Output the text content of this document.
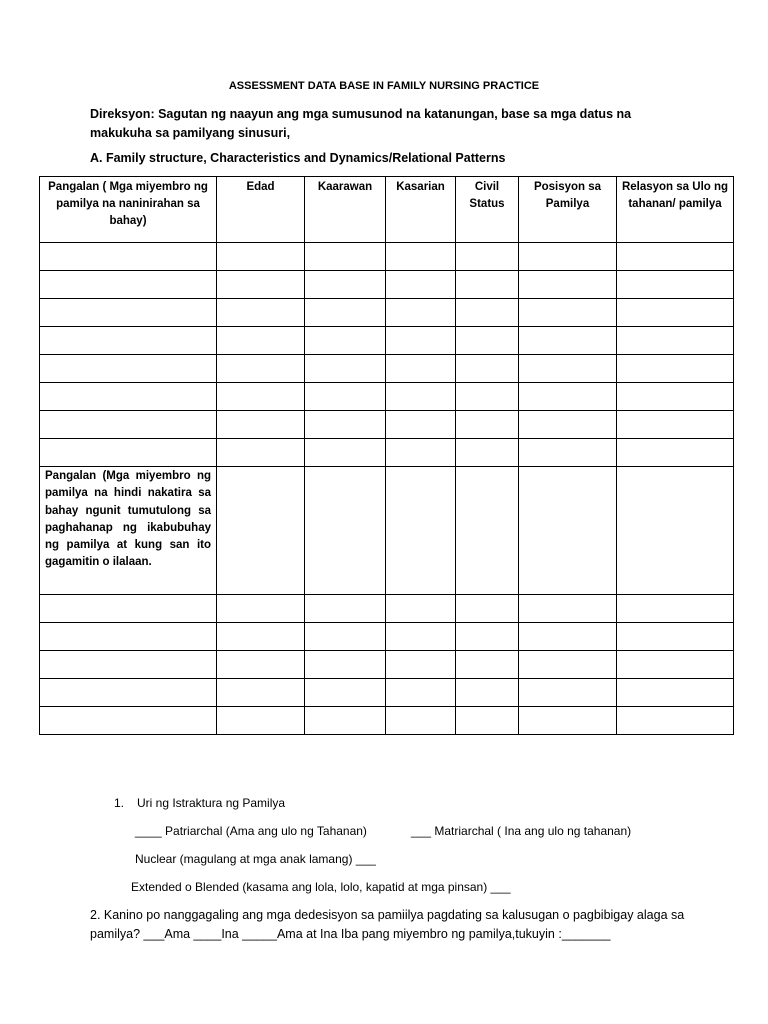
ASSESSMENT DATA BASE IN FAMILY NURSING PRACTICE
Direksyon: Sagutan ng naayun ang mga sumusunod na katanungan, base sa mga datus na makukuha sa pamilyang sinusuri,
A. Family structure, Characteristics and Dynamics/Relational Patterns
Pangalan ( Mga miyembro ng pamilya na naninirahan sa bahay)	Edad	Kaarawan	Kasarian	Civil Status	Posisyon sa Pamilya	Relasyon sa Ulo ng tahanan/ pamilya

Pangalan (Mga miyembro ng pamilya na hindi nakatira sa bahay ngunit tumutulong sa paghahanap ng ikabubuhay ng pamilya at kung san ito gagamitin o ilalaan.						

1. Uri ng Istraktura ng Pamilya
____ Patriarchal (Ama ang ulo ng Tahanan)	___ Matriarchal ( Ina ang ulo ng tahanan)
Nuclear (magulang at mga anak lamang) ___
Extended o Blended (kasama ang lola, lolo, kapatid at mga pinsan) ___
2. Kanino po nanggagaling ang mga dedesisyon sa pamiilya pagdating sa kalusugan o pagbibigay alaga sa pamilya? ___Ama ____Ina _____Ama at Ina Iba pang miyembro ng pamilya,tukuyin :_______
